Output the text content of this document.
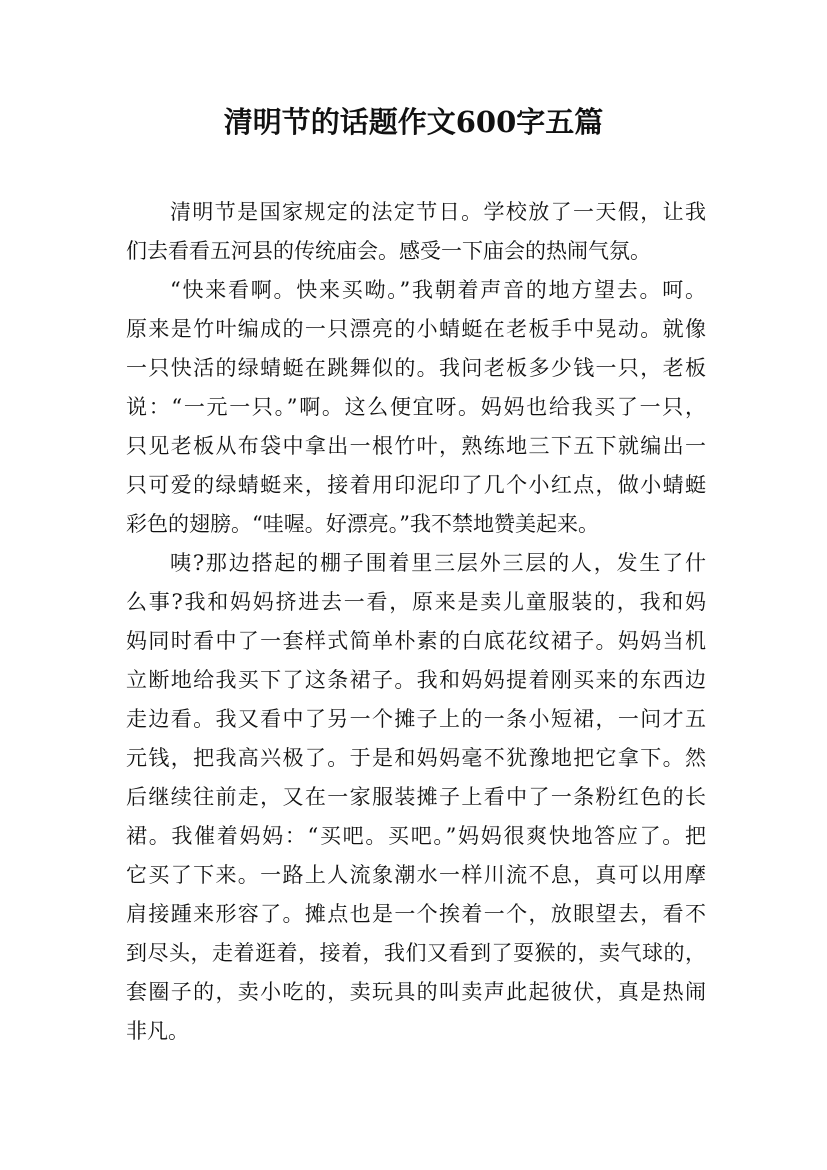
清明节的话题作文600字五篇
清明节是国家规定的法定节日。学校放了一天假，让我
们去看看五河县的传统庙会。感受一下庙会的热闹气氛。
“快来看啊。快来买呦。”我朝着声音的地方望去。呵。
原来是竹叶编成的一只漂亮的小蜻蜓在老板手中晃动。就像
一只快活的绿蜻蜓在跳舞似的。我问老板多少钱一只，老板
说：“一元一只。”啊。这么便宜呀。妈妈也给我买了一只，
只见老板从布袋中拿出一根竹叶，熟练地三下五下就编出一
只可爱的绿蜻蜓来，接着用印泥印了几个小红点，做小蜻蜓
彩色的翅膀。“哇喔。好漂亮。”我不禁地赞美起来。
咦?那边搭起的棚子围着里三层外三层的人，发生了什
么事?我和妈妈挤进去一看，原来是卖儿童服装的，我和妈
妈同时看中了一套样式简单朴素的白底花纹裙子。妈妈当机
立断地给我买下了这条裙子。我和妈妈提着刚买来的东西边
走边看。我又看中了另一个摊子上的一条小短裙，一问才五
元钱，把我高兴极了。于是和妈妈毫不犹豫地把它拿下。然
后继续往前走，又在一家服装摊子上看中了一条粉红色的长
裙。我催着妈妈：“买吧。买吧。”妈妈很爽快地答应了。把
它买了下来。一路上人流象潮水一样川流不息，真可以用摩
肩接踵来形容了。摊点也是一个挨着一个，放眼望去，看不
到尽头，走着逛着，接着，我们又看到了耍猴的，卖气球的，
套圈子的，卖小吃的，卖玩具的叫卖声此起彼伏，真是热闹
非凡。
